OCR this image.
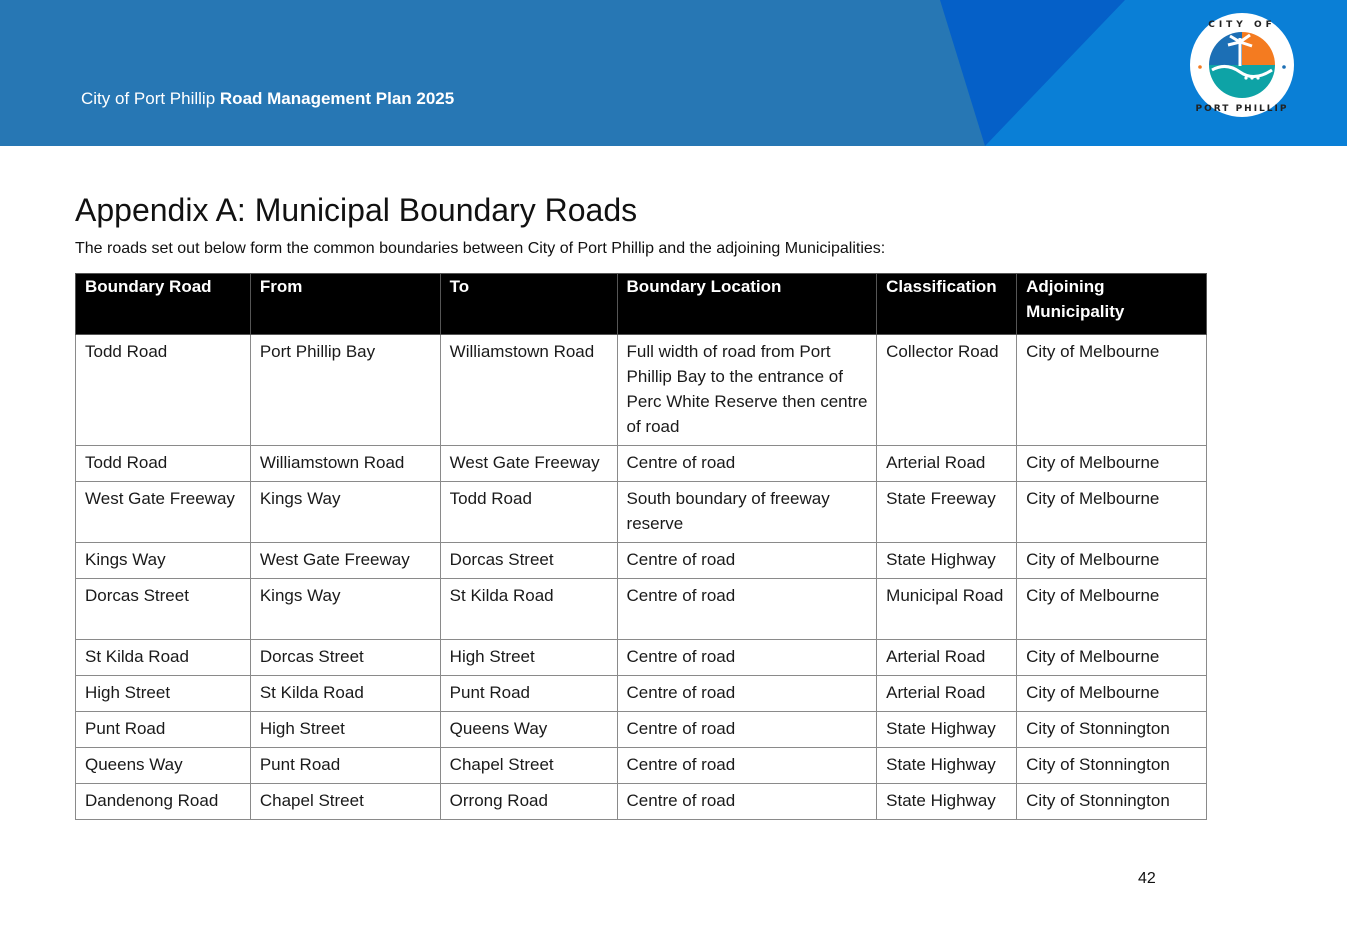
City of Port Phillip Road Management Plan 2025
CITY OF
PORT PHILLIP
Appendix A: Municipal Boundary Roads

The roads set out below form the common boundaries between City of Port Phillip and the adjoining Municipalities:

Boundary Road	From	To	Boundary Location	Classification	Adjoining Municipality
Todd Road	Port Phillip Bay	Williamstown Road	Full width of road from Port Phillip Bay to the entrance of Perc White Reserve then centre of road	Collector Road	City of Melbourne
Todd Road	Williamstown Road	West Gate Freeway	Centre of road	Arterial Road	City of Melbourne
West Gate Freeway	Kings Way	Todd Road	South boundary of freeway reserve	State Freeway	City of Melbourne
Kings Way	West Gate Freeway	Dorcas Street	Centre of road	State Highway	City of Melbourne
Dorcas Street	Kings Way	St Kilda Road	Centre of road	Municipal Road	City of Melbourne
St Kilda Road	Dorcas Street	High Street	Centre of road	Arterial Road	City of Melbourne
High Street	St Kilda Road	Punt Road	Centre of road	Arterial Road	City of Melbourne
Punt Road	High Street	Queens Way	Centre of road	State Highway	City of Stonnington
Queens Way	Punt Road	Chapel Street	Centre of road	State Highway	City of Stonnington
Dandenong Road	Chapel Street	Orrong Road	Centre of road	State Highway	City of Stonnington
42
